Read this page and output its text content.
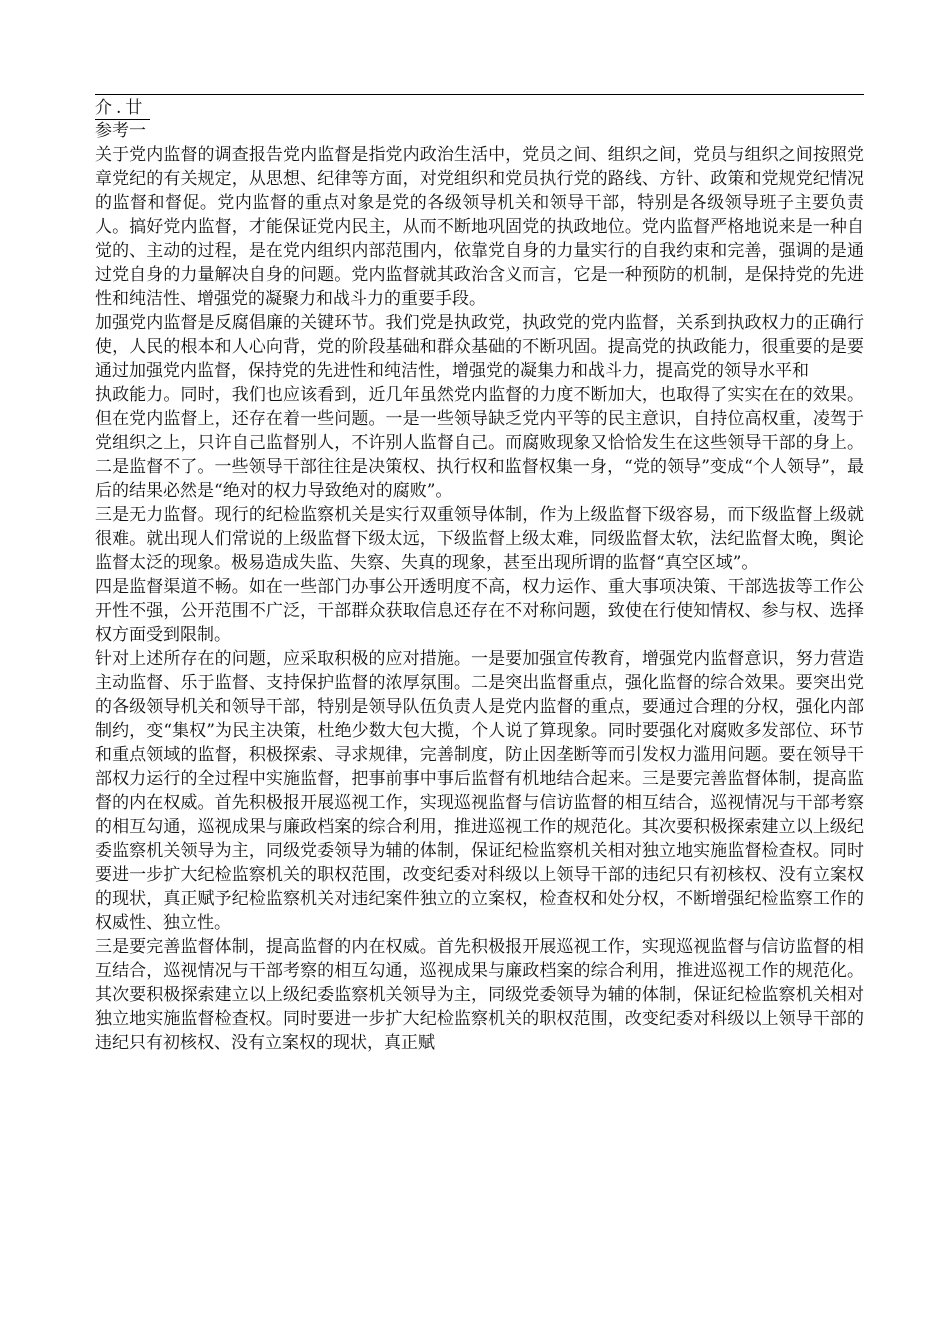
介.廿
参考一

关于党内监督的调查报告党内监督是指党内政治生活中，党员之间、组织之间，党员与组织之间按照党章党纪的有关规定，从思想、纪律等方面，对党组织和党员执行党的路线、方针、政策和党规党纪情况的监督和督促。党内监督的重点对象是党的各级领导机关和领导干部，特别是各级领导班子主要负责人。搞好党内监督，才能保证党内民主，从而不断地巩固党的执政地位。党内监督严格地说来是一种自觉的、主动的过程，是在党内组织内部范围内，依靠党自身的力量实行的自我约束和完善，强调的是通过党自身的力量解决自身的问题。党内监督就其政治含义而言，它是一种预防的机制，是保持党的先进性和纯洁性、增强党的凝聚力和战斗力的重要手段。

加强党内监督是反腐倡廉的关键环节。我们党是执政党，执政党的党内监督，关系到执政权力的正确行使，人民的根本和人心向背，党的阶段基础和群众基础的不断巩固。提高党的执政能力，很重要的是要通过加强党内监督，保持党的先进性和纯洁性，增强党的凝集力和战斗力，提高党的领导水平和

执政能力。同时，我们也应该看到，近几年虽然党内监督的力度不断加大，也取得了实实在在的效果。但在党内监督上，还存在着一些问题。一是一些领导缺乏党内平等的民主意识，自持位高权重，凌驾于党组织之上，只许自己监督别人，不许别人监督自己。而腐败现象又恰恰发生在这些领导干部的身上。二是监督不了。一些领导干部往往是决策权、执行权和监督权集一身，“党的领导”变成“个人领导”，最后的结果必然是“绝对的权力导致绝对的腐败”。

三是无力监督。现行的纪检监察机关是实行双重领导体制，作为上级监督下级容易，而下级监督上级就很难。就出现人们常说的上级监督下级太远，下级监督上级太难，同级监督太软，法纪监督太晚，舆论监督太泛的现象。极易造成失监、失察、失真的现象，甚至出现所谓的监督“真空区域”。

四是监督渠道不畅。如在一些部门办事公开透明度不高，权力运作、重大事项决策、干部选拔等工作公开性不强，公开范围不广泛，干部群众获取信息还存在不对称问题，致使在行使知情权、参与权、选择权方面受到限制。

针对上述所存在的问题，应采取积极的应对措施。一是要加强宣传教育，增强党内监督意识，努力营造主动监督、乐于监督、支持保护监督的浓厚氛围。二是突出监督重点，强化监督的综合效果。要突出党的各级领导机关和领导干部，特别是领导队伍负责人是党内监督的重点，要通过合理的分权，强化内部制约，变“集权”为民主决策，杜绝少数大包大揽，个人说了算现象。同时要强化对腐败多发部位、环节和重点领域的监督，积极探索、寻求规律，完善制度，防止因垄断等而引发权力滥用问题。要在领导干部权力运行的全过程中实施监督，把事前事中事后监督有机地结合起来。三是要完善监督体制，提高监督的内在权威。首先积极报开展巡视工作，实现巡视监督与信访监督的相互结合，巡视情况与干部考察的相互勾通，巡视成果与廉政档案的综合利用，推进巡视工作的规范化。其次要积极探索建立以上级纪委监察机关领导为主，同级党委领导为辅的体制，保证纪检监察机关相对独立地实施监督检查权。同时要进一步扩大纪检监察机关的职权范围，改变纪委对科级以上领导干部的违纪只有初核权、没有立案权的现状，真正赋予纪检监察机关对违纪案件独立的立案权，检查权和处分权，不断增强纪检监察工作的权威性、独立性。

三是要完善监督体制，提高监督的内在权威。首先积极报开展巡视工作，实现巡视监督与信访监督的相互结合，巡视情况与干部考察的相互勾通，巡视成果与廉政档案的综合利用，推进巡视工作的规范化。其次要积极探索建立以上级纪委监察机关领导为主，同级党委领导为辅的体制，保证纪检监察机关相对独立地实施监督检查权。同时要进一步扩大纪检监察机关的职权范围，改变纪委对科级以上领导干部的违纪只有初核权、没有立案权的现状，真正赋
